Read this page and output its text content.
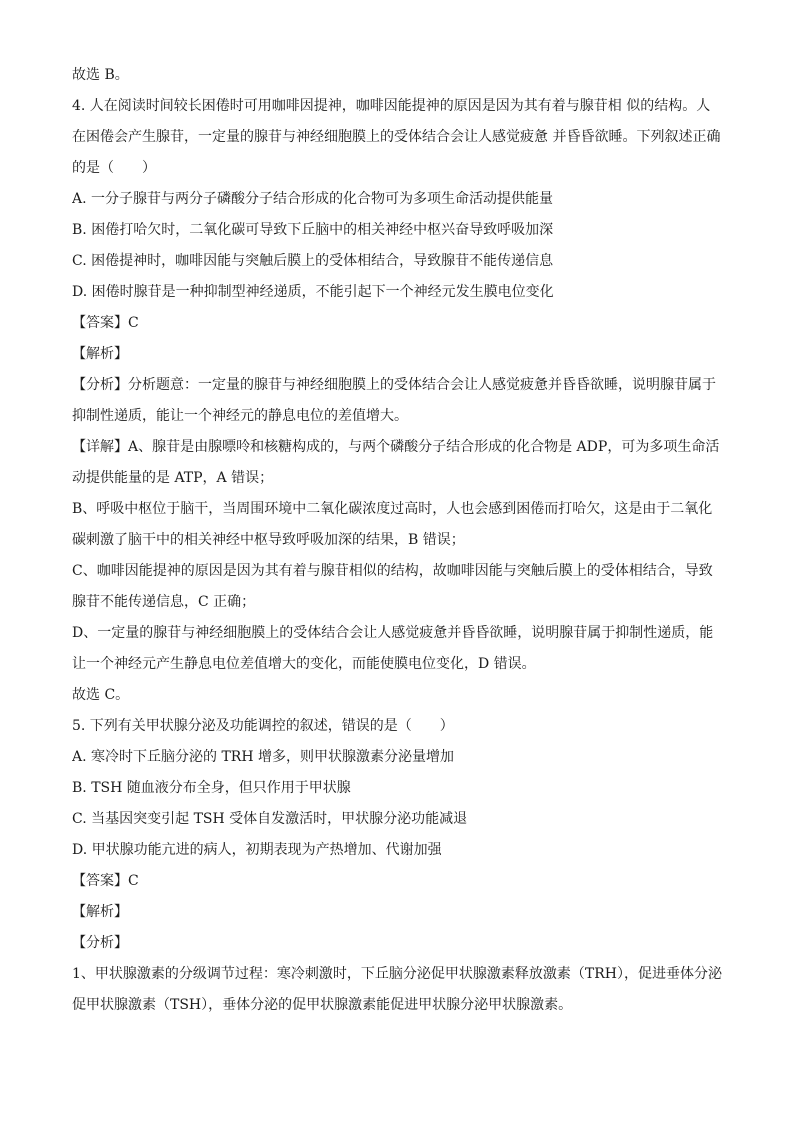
故选 B。
4. 人在阅读时间较长困倦时可用咖啡因提神，咖啡因能提神的原因是因为其有着与腺苷相 似的结构。人
在困倦会产生腺苷，一定量的腺苷与神经细胞膜上的受体结合会让人感觉疲惫 并昏昏欲睡。下列叙述正确
的是（　　）
A. 一分子腺苷与两分子磷酸分子结合形成的化合物可为多项生命活动提供能量
B. 困倦打哈欠时，二氧化碳可导致下丘脑中的相关神经中枢兴奋导致呼吸加深
C. 困倦提神时，咖啡因能与突触后膜上的受体相结合，导致腺苷不能传递信息
D. 困倦时腺苷是一种抑制型神经递质，不能引起下一个神经元发生膜电位变化
【答案】C
【解析】
【分析】分析题意：一定量的腺苷与神经细胞膜上的受体结合会让人感觉疲惫并昏昏欲睡，说明腺苷属于
抑制性递质，能让一个神经元的静息电位的差值增大。
【详解】A、腺苷是由腺嘌呤和核糖构成的，与两个磷酸分子结合形成的化合物是 ADP，可为多项生命活
动提供能量的是 ATP，A 错误；
B、呼吸中枢位于脑干，当周围环境中二氧化碳浓度过高时，人也会感到困倦而打哈欠，这是由于二氧化
碳刺激了脑干中的相关神经中枢导致呼吸加深的结果，B 错误；
C、咖啡因能提神的原因是因为其有着与腺苷相似的结构，故咖啡因能与突触后膜上的受体相结合，导致
腺苷不能传递信息，C 正确；
D、一定量的腺苷与神经细胞膜上的受体结合会让人感觉疲惫并昏昏欲睡，说明腺苷属于抑制性递质，能
让一个神经元产生静息电位差值增大的变化，而能使膜电位变化，D 错误。
故选 C。
5. 下列有关甲状腺分泌及功能调控的叙述，错误的是（　　）
A. 寒冷时下丘脑分泌的 TRH 增多，则甲状腺激素分泌量增加
B. TSH 随血液分布全身，但只作用于甲状腺
C. 当基因突变引起 TSH 受体自发激活时，甲状腺分泌功能减退
D. 甲状腺功能亢进的病人，初期表现为产热增加、代谢加强
【答案】C
【解析】
【分析】
1、甲状腺激素的分级调节过程：寒冷刺激时，下丘脑分泌促甲状腺激素释放激素（TRH），促进垂体分泌
促甲状腺激素（TSH），垂体分泌的促甲状腺激素能促进甲状腺分泌甲状腺激素。
